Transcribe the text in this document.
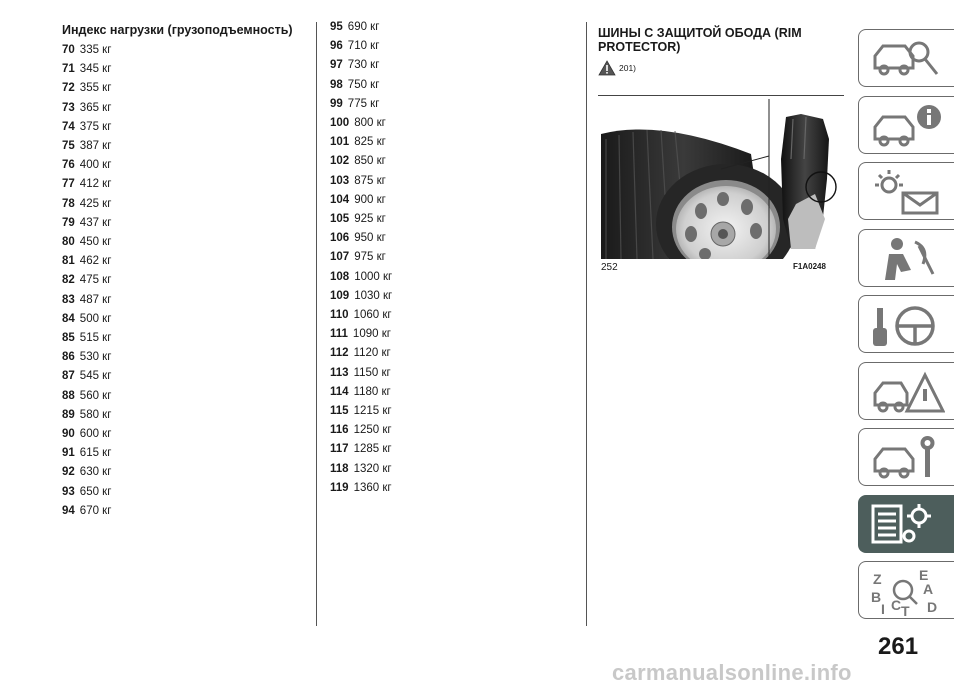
Индекс нагрузки (грузоподъемность)
70 335 кг
71 345 кг
72 355 кг
73 365 кг
74 375 кг
75 387 кг
76 400 кг
77 412 кг
78 425 кг
79 437 кг
80 450 кг
81 462 кг
82 475 кг
83 487 кг
84 500 кг
85 515 кг
86 530 кг
87 545 кг
88 560 кг
89 580 кг
90 600 кг
91 615 кг
92 630 кг
93 650 кг
94 670 кг
95 690 кг
96 710 кг
97 730 кг
98 750 кг
99 775 кг
100 800 кг
101 825 кг
102 850 кг
103 875 кг
104 900 кг
105 925 кг
106 950 кг
107 975 кг
108 1000 кг
109 1030 кг
110 1060 кг
111 1090 кг
112 1120 кг
113 1150 кг
114 1180 кг
115 1215 кг
116 1250 кг
117 1285 кг
118 1320 кг
119 1360 кг
ШИНЫ С ЗАЩИТОЙ ОБОДА (RIM PROTECTOR)
201)
252	F1A0248
Z	E
A
B
I C T D
261
carmanualsonline.info
